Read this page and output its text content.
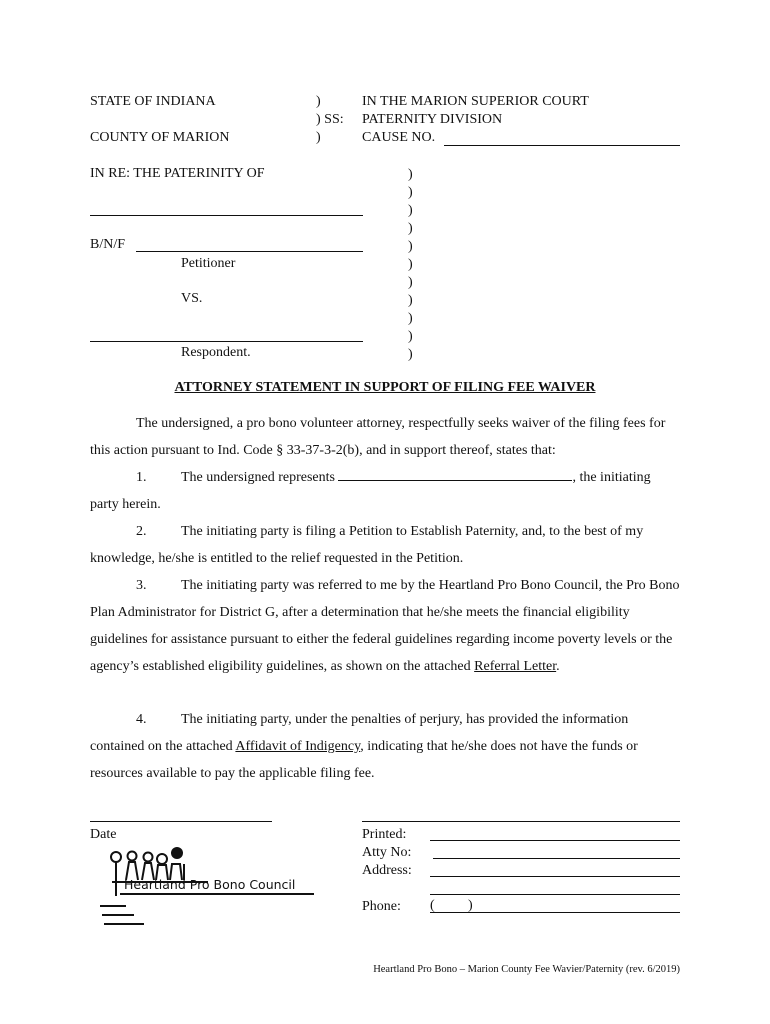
STATE OF INDIANA
COUNTY OF MARION
)
) SS:
)
IN THE MARION SUPERIOR COURT
PATERNITY DIVISION
CAUSE NO.
IN RE: THE PATERINITY OF
B/N/F
Petitioner
VS.
Respondent.
)
)
)
)
)
)
)
)
)
)
)
ATTORNEY STATEMENT IN SUPPORT OF FILING FEE WAIVER
The undersigned, a pro bono volunteer attorney, respectfully seeks waiver of the filing fees for this action pursuant to Ind. Code § 33-37-3-2(b), and in support thereof, states that:
1. The undersigned represents	, the initiating party herein.
2. The initiating party is filing a Petition to Establish Paternity, and, to the best of my knowledge, he/she is entitled to the relief requested in the Petition.
3. The initiating party was referred to me by the Heartland Pro Bono Council, the Pro Bono Plan Administrator for District G, after a determination that he/she meets the financial eligibility guidelines for assistance pursuant to either the federal guidelines regarding income poverty levels or the agency’s established eligibility guidelines, as shown on the attached Referral Letter.
4. The initiating party, under the penalties of perjury, has provided the information contained on the attached Affidavit of Indigency, indicating that he/she does not have the funds or resources available to pay the applicable filing fee.
Date	Printed:
Atty No:
Address:
Phone: ( )
Heartland Pro Bono Council
Heartland Pro Bono – Marion County Fee Wavier/Paternity (rev. 6/2019)
